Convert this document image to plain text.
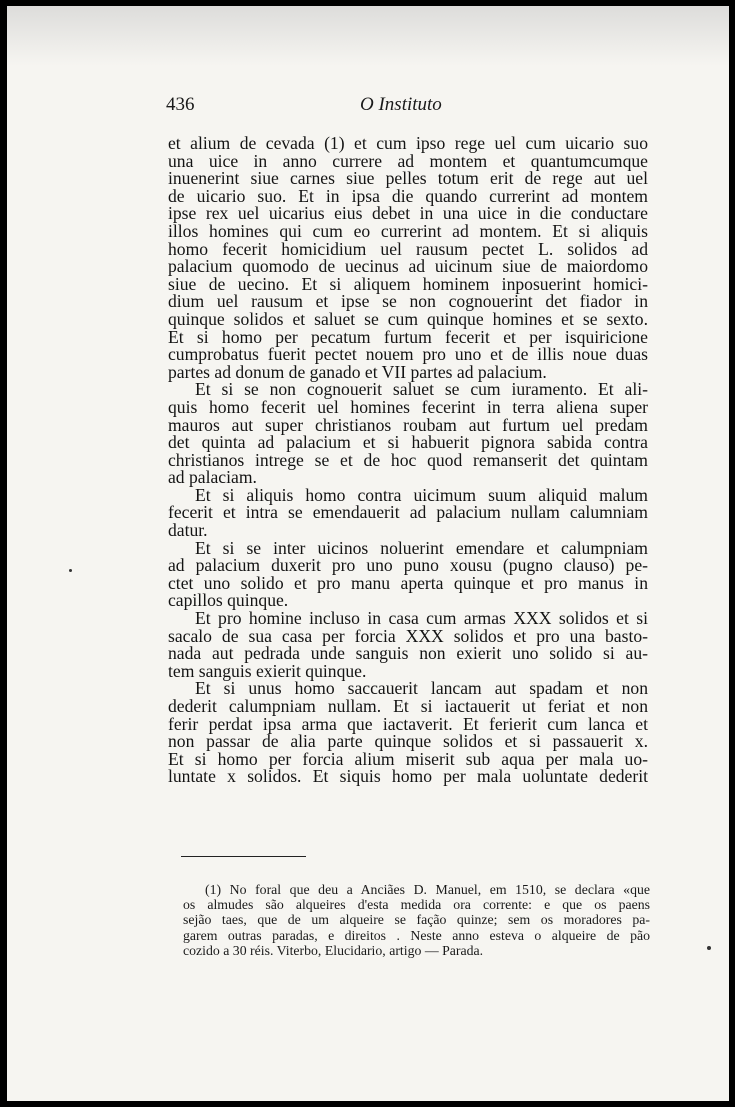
436	O Instituto
et alium de cevada (1) et cum ipso rege uel cum uicario suo
una uice in anno currere ad montem et quantumcumque
inuenerint siue carnes siue pelles totum erit de rege aut uel
de uicario suo. Et in ipsa die quando currerint ad montem
ipse rex uel uicarius eius debet in una uice in die conductare
illos homines qui cum eo currerint ad montem. Et si aliquis
homo fecerit homicidium uel rausum pectet L. solidos ad
palacium quomodo de uecinus ad uicinum siue de maiordomo
siue de uecino. Et si aliquem hominem inposuerint homici-
dium uel rausum et ipse se non cognouerint det fiador in
quinque solidos et saluet se cum quinque homines et se sexto.
Et si homo per pecatum furtum fecerit et per isquiricione
cumprobatus fuerit pectet nouem pro uno et de illis noue duas
partes ad donum de ganado et VII partes ad palacium.
Et si se non cognouerit saluet se cum iuramento. Et ali-
quis homo fecerit uel homines fecerint in terra aliena super
mauros aut super christianos roubam aut furtum uel predam
det quinta ad palacium et si habuerit pignora sabida contra
christianos intrege se et de hoc quod remanserit det quintam
ad palaciam.
Et si aliquis homo contra uicimum suum aliquid malum
fecerit et intra se emendauerit ad palacium nullam calumniam
datur.
Et si se inter uicinos noluerint emendare et calumpniam
ad palacium duxerit pro uno puno xousu (pugno clauso) pe-
ctet uno solido et pro manu aperta quinque et pro manus in
capillos quinque.
Et pro homine incluso in casa cum armas XXX solidos et si
sacalo de sua casa per forcia XXX solidos et pro una basto-
nada aut pedrada unde sanguis non exierit uno solido si au-
tem sanguis exierit quinque.
Et si unus homo saccauerit lancam aut spadam et non
dederit calumpniam nullam. Et si iactauerit ut feriat et non
ferir perdat ipsa arma que iactaverit. Et ferierit cum lanca et
non passar de alia parte quinque solidos et si passauerit x.
Et si homo per forcia alium miserit sub aqua per mala uo-
luntate x solidos. Et siquis homo per mala uoluntate dederit
(1) No foral que deu a Anciães D. Manuel, em 1510, se declara «que
os almudes são alqueires d'esta medida ora corrente: e que os paens
sejão taes, que de um alqueire se fação quinze; sem os moradores pa-
garem outras paradas, e direitos . Neste anno esteva o alqueire de pão
cozido a 30 réis. Viterbo, Elucidario, artigo — Parada.
